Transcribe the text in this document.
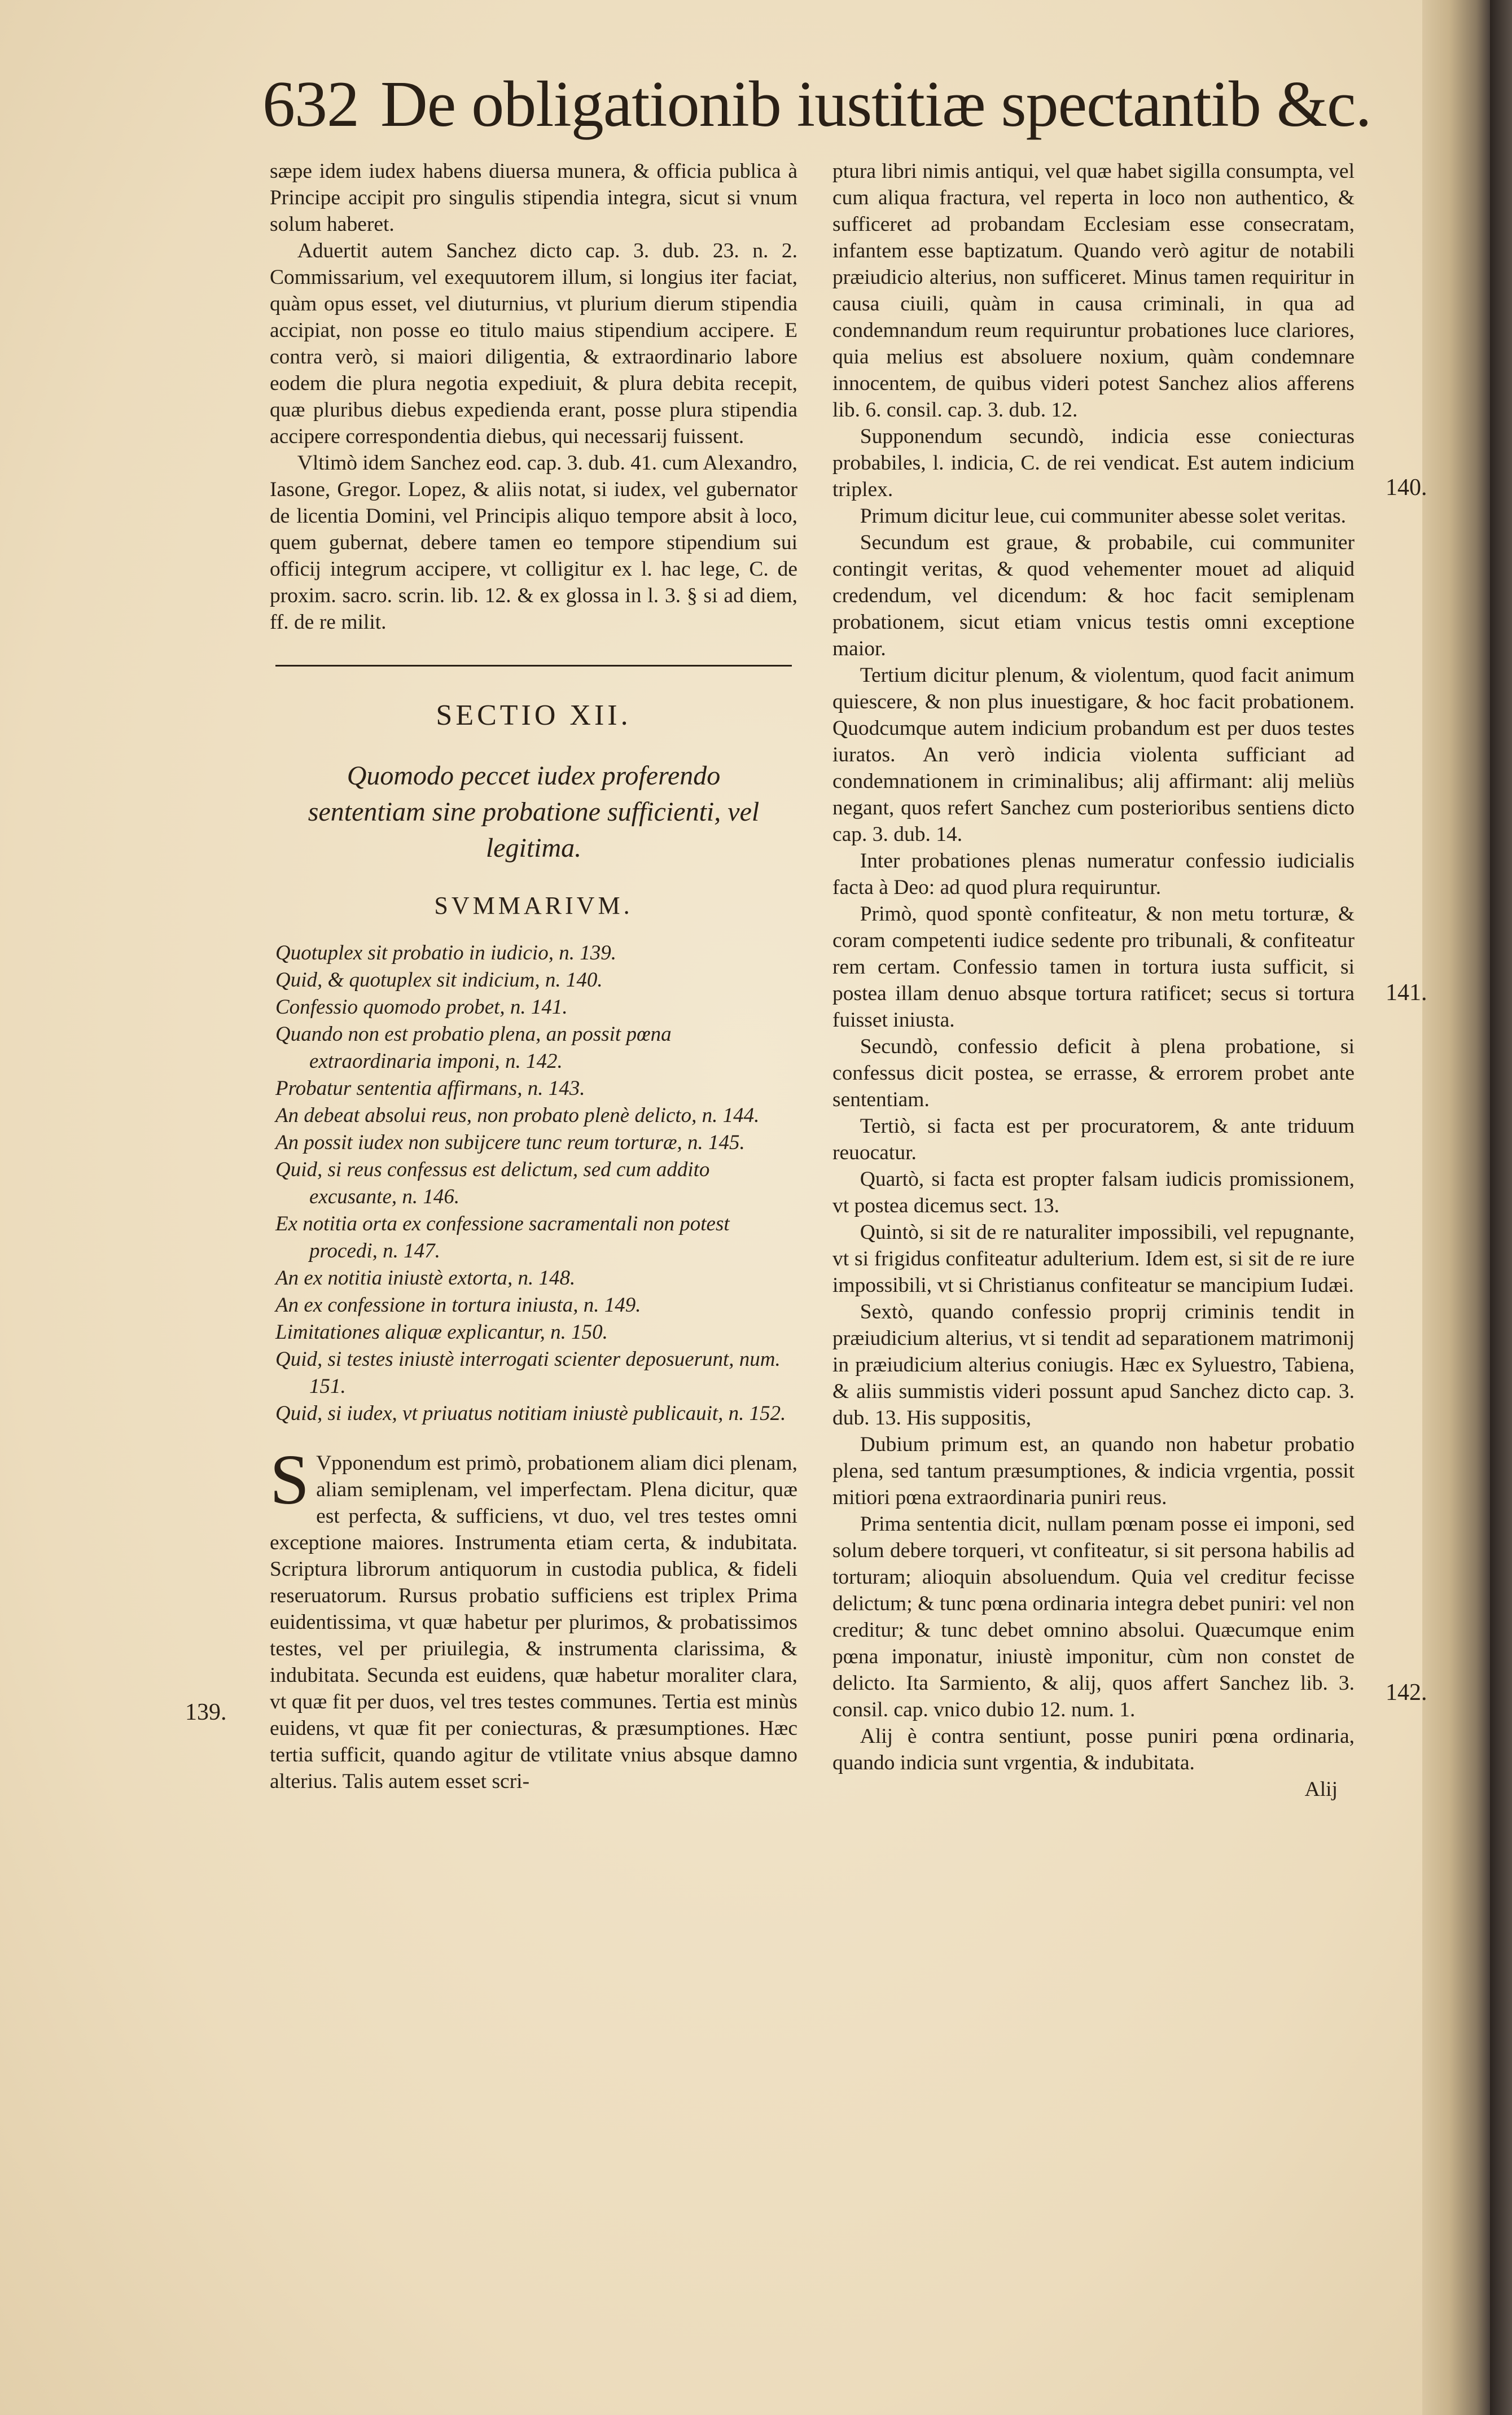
632 De obligationib iustitiæ spectantib &c.

sæpe idem iudex habens diuersa munera, & officia publica à Principe accipit pro singulis stipendia integra, sicut si vnum solum haberet.

Aduertit autem Sanchez dicto cap. 3. dub. 23. n. 2. Commissarium, vel exequutorem illum, si longius iter faciat, quàm opus esset, vel diuturnius, vt plurium dierum stipendia accipiat, non posse eo titulo maius stipendium accipere. E contra verò, si maiori diligentia, & extraordinario labore eodem die plura negotia expediuit, & plura debita recepit, quæ pluribus diebus expedienda erant, posse plura stipendia accipere correspondentia diebus, qui necessarij fuissent.

Vltimò idem Sanchez eod. cap. 3. dub. 41. cum Alexandro, Iasone, Gregor. Lopez, & aliis notat, si iudex, vel gubernator de licentia Domini, vel Principis aliquo tempore absit à loco, quem gubernat, debere tamen eo tempore stipendium sui officij integrum accipere, vt colligitur ex l. hac lege, C. de proxim. sacro. scrin. lib. 12. & ex glossa in l. 3. § si ad diem, ff. de re milit.

SECTIO XII.
Quomodo peccet iudex proferendo sententiam sine probatione sufficienti, vel legitima.
SVMMARIVM.
Quotuplex sit probatio in iudicio, n. 139.
Quid, & quotuplex sit indicium, n. 140.
Confessio quomodo probet, n. 141.
Quando non est probatio plena, an possit pœna extraordinaria imponi, n. 142.
Probatur sententia affirmans, n. 143.
An debeat absolui reus, non probato plenè delicto, n. 144.
An possit iudex non subijcere tunc reum torturæ, n. 145.
Quid, si reus confessus est delictum, sed cum addito excusante, n. 146.
Ex notitia orta ex confessione sacramentali non potest procedi, n. 147.
An ex notitia iniustè extorta, n. 148.
An ex confessione in tortura iniusta, n. 149.
Limitationes aliquæ explicantur, n. 150.
Quid, si testes iniustè interrogati scienter deposuerunt, num. 151.
Quid, si iudex, vt priuatus notitiam iniustè publicauit, n. 152.

S Vpponendum est primò, probationem aliam dici plenam, aliam semiplenam, vel imperfectam. Plena dicitur, quæ est perfecta, & sufficiens, vt duo, vel tres testes omni exceptione maiores. Instrumenta etiam certa, & indubitata. Scriptura librorum antiquorum in custodia publica, & fideli reseruatorum. Rursus probatio sufficiens est triplex Prima euidentissima, vt quæ habetur per plurimos, & probatissimos testes, vel per priuilegia, & instrumenta clarissima, & indubitata. Secunda est euidens, quæ habetur moraliter clara, vt quæ fit per duos, vel tres testes communes. Tertia est minùs euidens, vt quæ fit per coniecturas, & præsumptiones. Hæc tertia sufficit, quando agitur de vtilitate vnius absque damno alterius. Talis autem esset scri-

ptura libri nimis antiqui, vel quæ habet sigilla consumpta, vel cum aliqua fractura, vel reperta in loco non authentico, & sufficeret ad probandam Ecclesiam esse consecratam, infantem esse baptizatum. Quando verò agitur de notabili præiudicio alterius, non sufficeret. Minus tamen requiritur in causa ciuili, quàm in causa criminali, in qua ad condemnandum reum requiruntur probationes luce clariores, quia melius est absoluere noxium, quàm condemnare innocentem, de quibus videri potest Sanchez alios afferens lib. 6. consil. cap. 3. dub. 12.

Supponendum secundò, indicia esse coniecturas probabiles, l. indicia, C. de rei vendicat. Est autem indicium triplex.

Primum dicitur leue, cui communiter abesse solet veritas.

Secundum est graue, & probabile, cui communiter contingit veritas, & quod vehementer mouet ad aliquid credendum, vel dicendum: & hoc facit semiplenam probationem, sicut etiam vnicus testis omni exceptione maior.

Tertium dicitur plenum, & violentum, quod facit animum quiescere, & non plus inuestigare, & hoc facit probationem. Quodcumque autem indicium probandum est per duos testes iuratos. An verò indicia violenta sufficiant ad condemnationem in criminalibus; alij affirmant: alij meliùs negant, quos refert Sanchez cum posterioribus sentiens dicto cap. 3. dub. 14.

Inter probationes plenas numeratur confessio iudicialis facta à Deo: ad quod plura requiruntur.

Primò, quod spontè confiteatur, & non metu torturæ, & coram competenti iudice sedente pro tribunali, & confiteatur rem certam. Confessio tamen in tortura iusta sufficit, si postea illam denuo absque tortura ratificet; secus si tortura fuisset iniusta.

Secundò, confessio deficit à plena probatione, si confessus dicit postea, se errasse, & errorem probet ante sententiam.

Tertiò, si facta est per procuratorem, & ante triduum reuocatur.

Quartò, si facta est propter falsam iudicis promissionem, vt postea dicemus sect. 13.

Quintò, si sit de re naturaliter impossibili, vel repugnante, vt si frigidus confiteatur adulterium. Idem est, si sit de re iure impossibili, vt si Christianus confiteatur se mancipium Iudæi.

Sextò, quando confessio proprij criminis tendit in præiudicium alterius, vt si tendit ad separationem matrimonij in præiudicium alterius coniugis. Hæc ex Syluestro, Tabiena, & aliis summistis videri possunt apud Sanchez dicto cap. 3. dub. 13. His suppositis,

Dubium primum est, an quando non habetur probatio plena, sed tantum præsumptiones, & indicia vrgentia, possit mitiori pœna extraordinaria puniri reus.

Prima sententia dicit, nullam pœnam posse ei imponi, sed solum debere torqueri, vt confiteatur, si sit persona habilis ad torturam; alioquin absoluendum. Quia vel creditur fecisse delictum; & tunc pœna ordinaria integra debet puniri: vel non creditur; & tunc debet omnino absolui. Quæcumque enim pœna imponatur, iniustè imponitur, cùm non constet de delicto. Ita Sarmiento, & alij, quos affert Sanchez lib. 3. consil. cap. vnico dubio 12. num. 1.

Alij è contra sentiunt, posse puniri pœna ordinaria, quando indicia sunt vrgentia, & indubitata.

Alij
139.
140.
141.
142.
